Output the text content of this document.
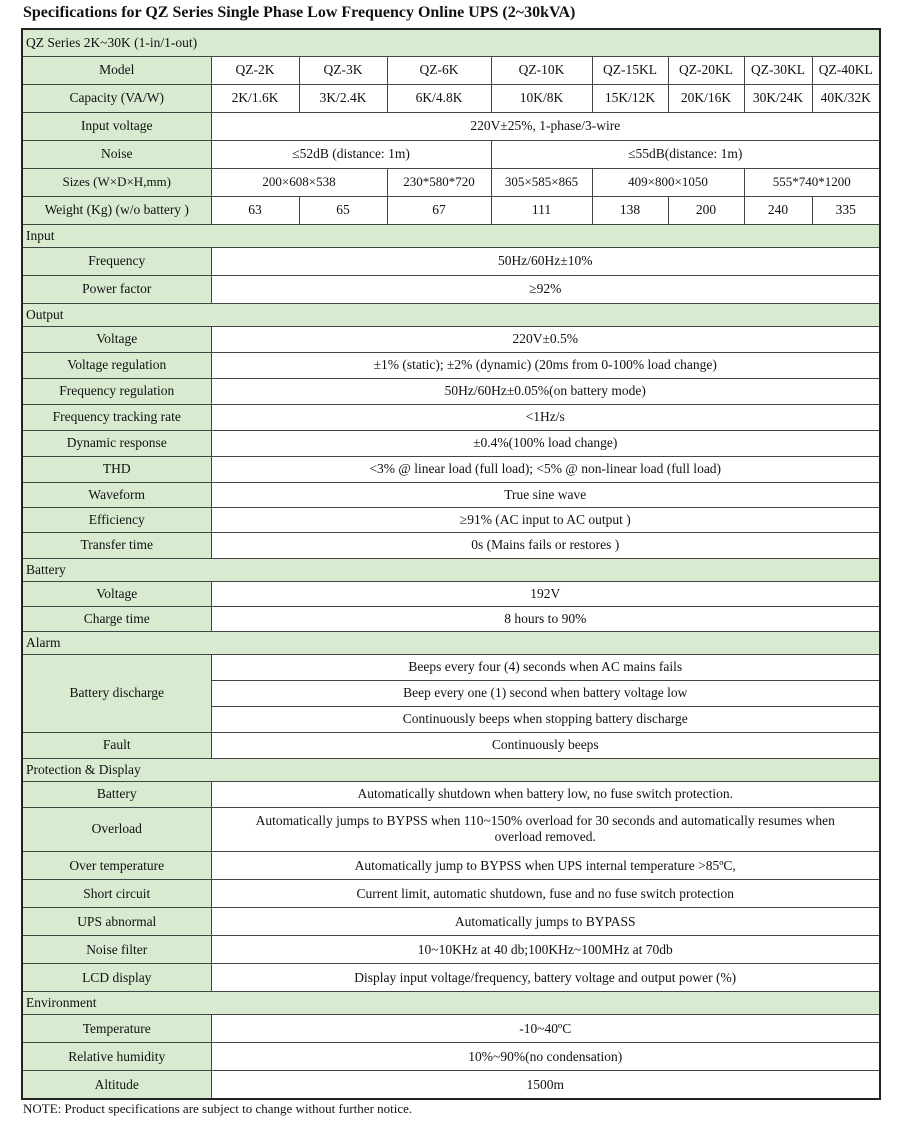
Specifications for QZ Series Single Phase Low Frequency Online UPS (2~30kVA)
QZ Series 2K~30K (1-in/1-out)								
Model	QZ-2K	QZ-3K	QZ-6K	QZ-10K	QZ-15KL	QZ-20KL	QZ-30KL	QZ-40KL
Capacity (VA/W)	2K/1.6K	3K/2.4K	6K/4.8K	10K/8K	15K/12K	20K/16K	30K/24K	40K/32K
Input voltage	220V±25%, 1-phase/3-wire							
Noise	≤52dB (distance: 1m)			≤55dB(distance: 1m)				
Sizes (W×D×H,mm)	200×608×538		230*580*720	305×585×865	409×800×1050		555*740*1200	
Weight (Kg) (w/o battery )	63	65	67	111	138	200	240	335
Input								
Frequency	50Hz/60Hz±10%							
Power factor	≥92%							
Output								
Voltage	220V±0.5%							
Voltage regulation	±1% (static); ±2% (dynamic) (20ms from 0-100% load change)							
Frequency regulation	50Hz/60Hz±0.05%(on battery mode)							
Frequency tracking rate	<1Hz/s							
Dynamic response	±0.4%(100% load change)							
THD	<3% @ linear load (full load); <5% @ non-linear load (full load)							
Waveform	True sine wave							
Efficiency	≥91% (AC input to AC output )							
Transfer time	0s (Mains fails or restores )							
Battery								
Voltage	192V							
Charge time	8 hours to 90%							
Alarm								
Battery discharge	Beeps every four (4) seconds when AC mains fails							
	Beep every one (1) second when battery voltage low							
	Continuously beeps when stopping battery discharge							
Fault	Continuously beeps							
Protection & Display								
Battery	Automatically shutdown when battery low, no fuse switch protection.							
Overload	Automatically jumps to BYPSS when 110~150% overload for 30 seconds and automatically resumes when overload removed.							
Over temperature	Automatically jump to BYPSS when UPS internal temperature >85ºC,							
Short circuit	Current limit, automatic shutdown, fuse and no fuse switch protection							
UPS abnormal	Automatically jumps to BYPASS							
Noise filter	10~10KHz at 40 db;100KHz~100MHz at 70db							
LCD display	Display input voltage/frequency, battery voltage and output power (%)							
Environment								
Temperature	-10~40ºC							
Relative humidity	10%~90%(no condensation)							
Altitude	1500m							
NOTE: Product specifications are subject to change without further notice.
